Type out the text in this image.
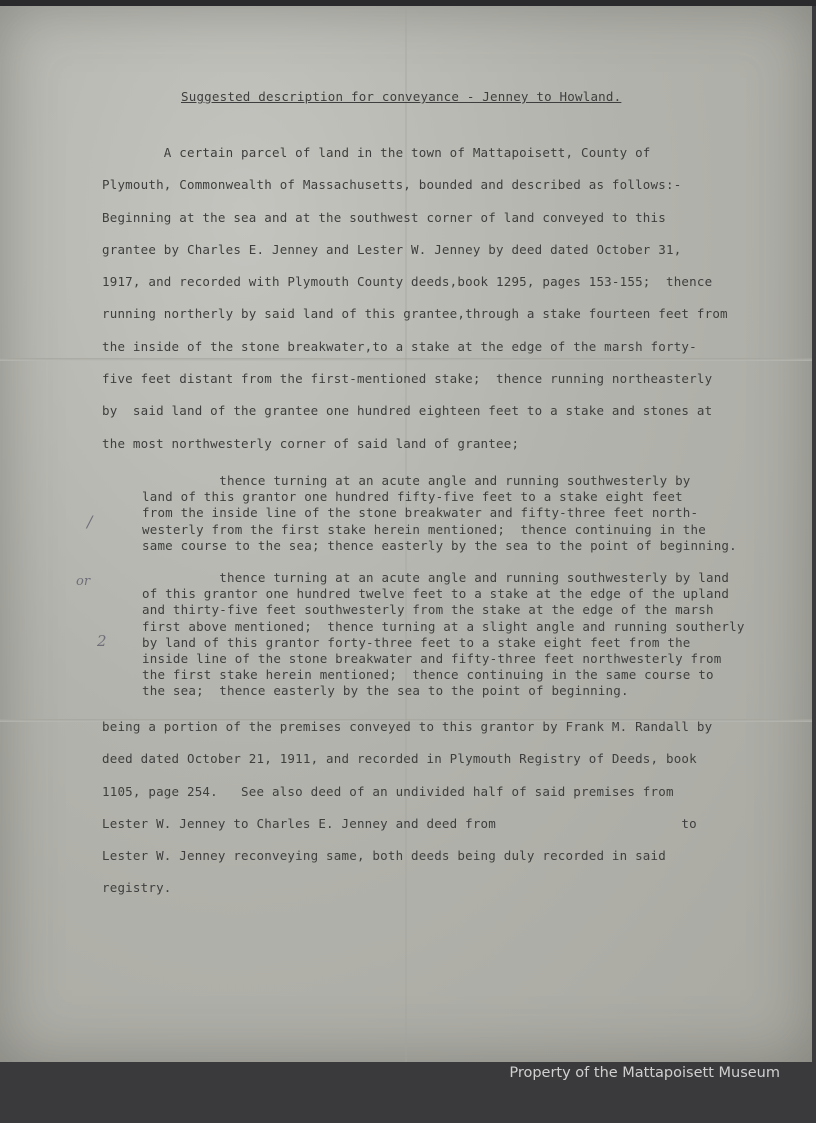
Suggested description for conveyance - Jenney to Howland.
A certain parcel of land in the town of Mattapoisett, County of
Plymouth, Commonwealth of Massachusetts, bounded and described as follows:-
Beginning at the sea and at the southwest corner of land conveyed to this
grantee by Charles E. Jenney and Lester W. Jenney by deed dated October 31,
1917, and recorded with Plymouth County deeds,book 1295, pages 153-155;  thence
running northerly by said land of this grantee,through a stake fourteen feet from
the inside of the stone breakwater,to a stake at the edge of the marsh forty-
five feet distant from the first-mentioned stake;  thence running northeasterly
by  said land of the grantee one hundred eighteen feet to a stake and stones at
the most northwesterly corner of said land of grantee;
thence turning at an acute angle and running southwesterly by
land of this grantor one hundred fifty-five feet to a stake eight feet
from the inside line of the stone breakwater and fifty-three feet north-
westerly from the first stake herein mentioned;  thence continuing in the
same course to the sea; thence easterly by the sea to the point of beginning.
thence turning at an acute angle and running southwesterly by land
of this grantor one hundred twelve feet to a stake at the edge of the upland
and thirty-five feet southwesterly from the stake at the edge of the marsh
first above mentioned;  thence turning at a slight angle and running southerly
by land of this grantor forty-three feet to a stake eight feet from the
inside line of the stone breakwater and fifty-three feet northwesterly from
the first stake herein mentioned;  thence continuing in the same course to
the sea;  thence easterly by the sea to the point of beginning.
being a portion of the premises conveyed to this grantor by Frank M. Randall by
deed dated October 21, 1911, and recorded in Plymouth Registry of Deeds, book
1105, page 254.   See also deed of an undivided half of said premises from
Lester W. Jenney to Charles E. Jenney and deed from                        to
Lester W. Jenney reconveying same, both deeds being duly recorded in said
registry.
/
or
2
Property of the Mattapoisett Museum
